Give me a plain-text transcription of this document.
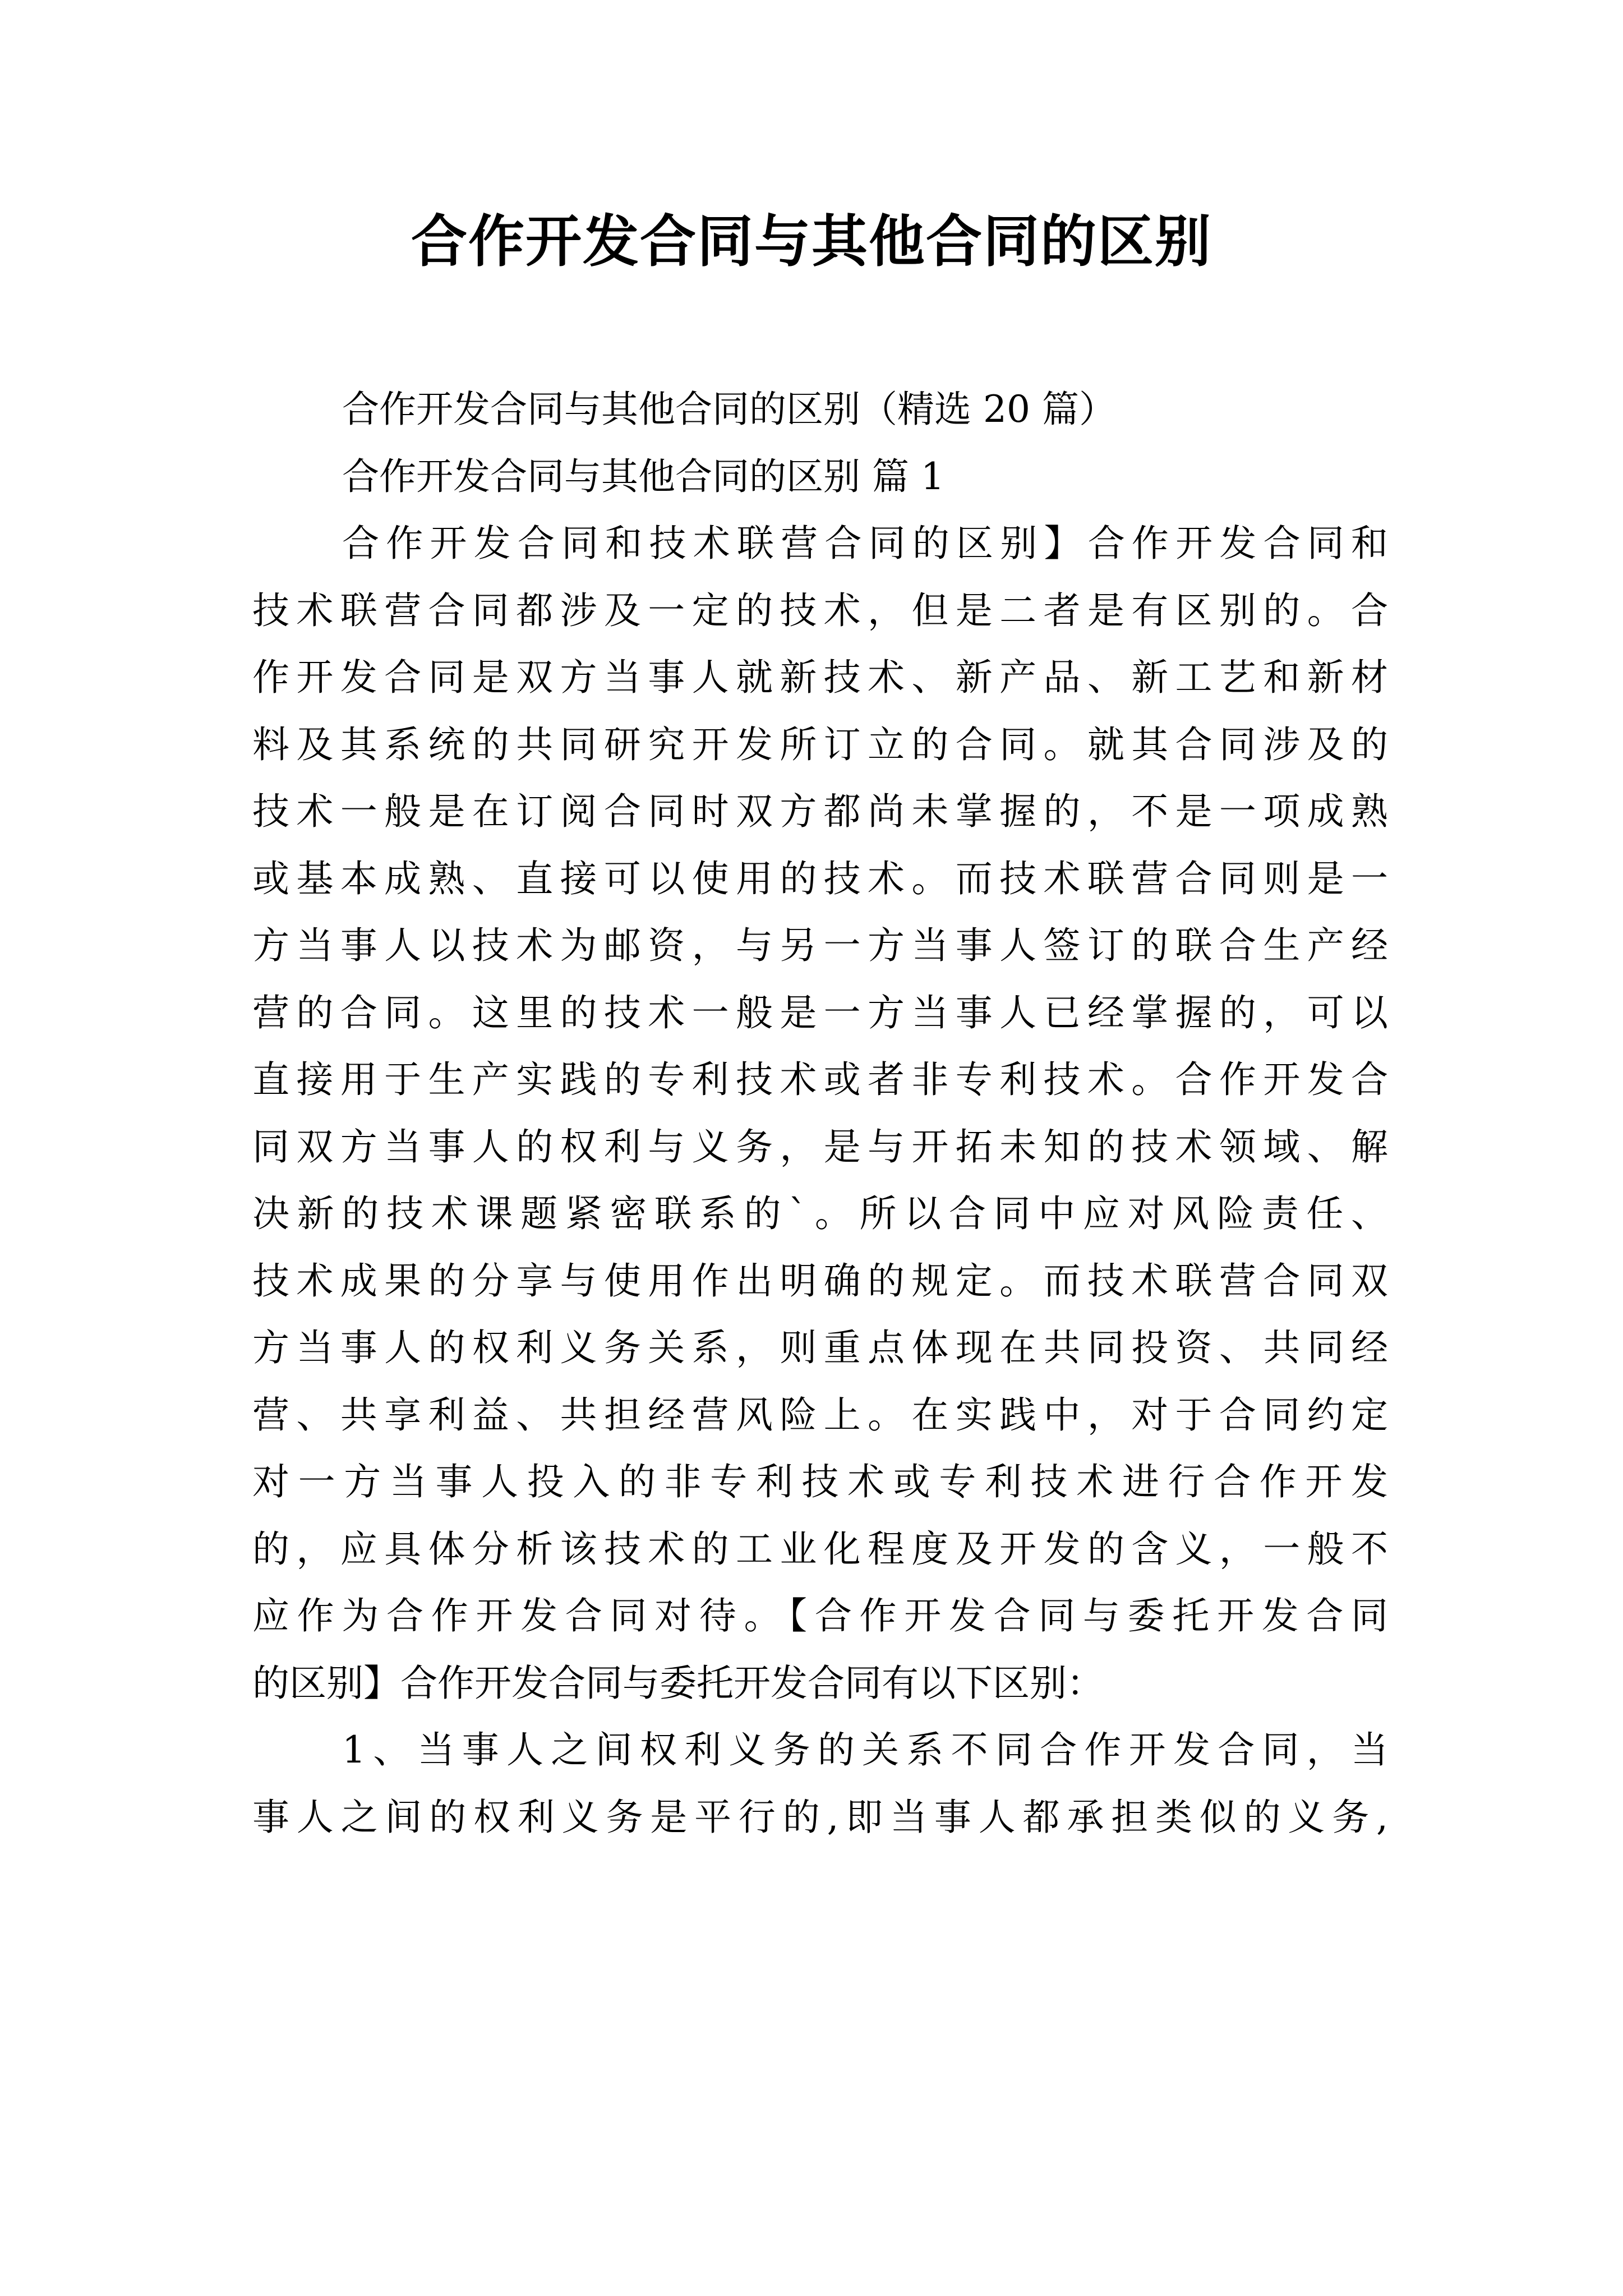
合作开发合同与其他合同的区别
合作开发合同与其他合同的区别（精选 20 篇）
合作开发合同与其他合同的区别 篇 1
合作开发合同和技术联营合同的区别】合作开发合同和
技术联营合同都涉及一定的技术，但是二者是有区别的。合
作开发合同是双方当事人就新技术、新产品、新工艺和新材
料及其系统的共同研究开发所订立的合同。就其合同涉及的
技术一般是在订阅合同时双方都尚未掌握的，不是一项成熟
或基本成熟、直接可以使用的技术。而技术联营合同则是一
方当事人以技术为邮资，与另一方当事人签订的联合生产经
营的合同。这里的技术一般是一方当事人已经掌握的，可以
直接用于生产实践的专利技术或者非专利技术。合作开发合
同双方当事人的权利与义务，是与开拓未知的技术领域、解
决新的技术课题紧密联系的`。所以合同中应对风险责任、
技术成果的分享与使用作出明确的规定。而技术联营合同双
方当事人的权利义务关系，则重点体现在共同投资、共同经
营、共享利益、共担经营风险上。在实践中，对于合同约定
对一方当事人投入的非专利技术或专利技术进行合作开发
的，应具体分析该技术的工业化程度及开发的含义，一般不
应作为合作开发合同对待。【合作开发合同与委托开发合同
的区别】合作开发合同与委托开发合同有以下区别：
1、当事人之间权利义务的关系不同合作开发合同，当
事人之间的权利义务是平行的,即当事人都承担类似的义务,
